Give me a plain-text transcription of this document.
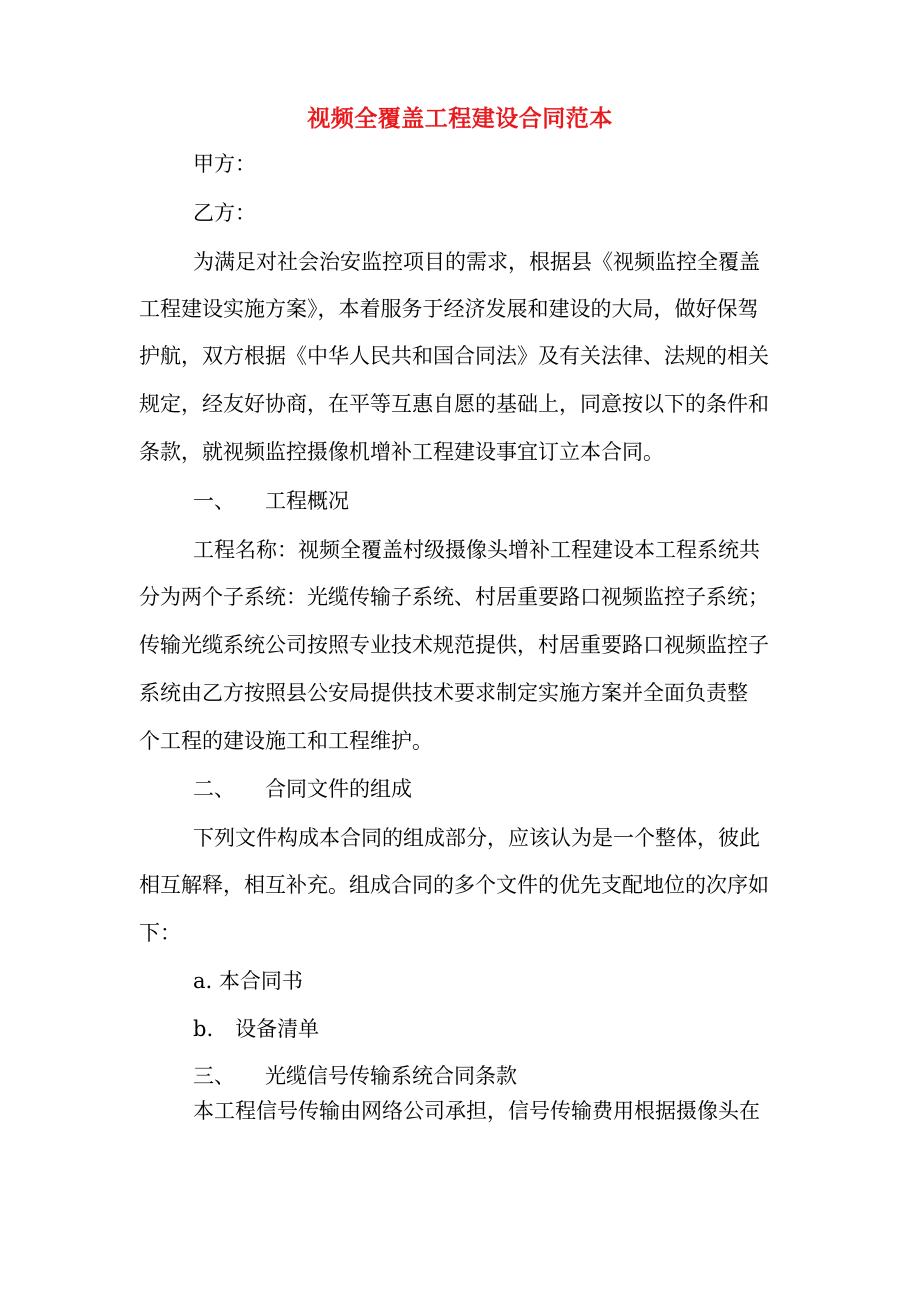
视频全覆盖工程建设合同范本
甲方：
乙方：
为满足对社会治安监控项目的需求，根据县《视频监控全覆盖
工程建设实施方案》，本着服务于经济发展和建设的大局，做好保驾
护航，双方根据《中华人民共和国合同法》及有关法律、法规的相关
规定，经友好协商，在平等互惠自愿的基础上，同意按以下的条件和
条款，就视频监控摄像机增补工程建设事宜订立本合同。
一、 工程概况
工程名称：视频全覆盖村级摄像头增补工程建设本工程系统共
分为两个子系统：光缆传输子系统、村居重要路口视频监控子系统；
传输光缆系统公司按照专业技术规范提供，村居重要路口视频监控子
系统由乙方按照县公安局提供技术要求制定实施方案并全面负责整
个工程的建设施工和工程维护。
二、 合同文件的组成
下列文件构成本合同的组成部分，应该认为是一个整体，彼此
相互解释，相互补充。组成合同的多个文件的优先支配地位的次序如
下：
a. 本合同书
b. 设备清单
三、 光缆信号传输系统合同条款
本工程信号传输由网络公司承担，信号传输费用根据摄像头在
